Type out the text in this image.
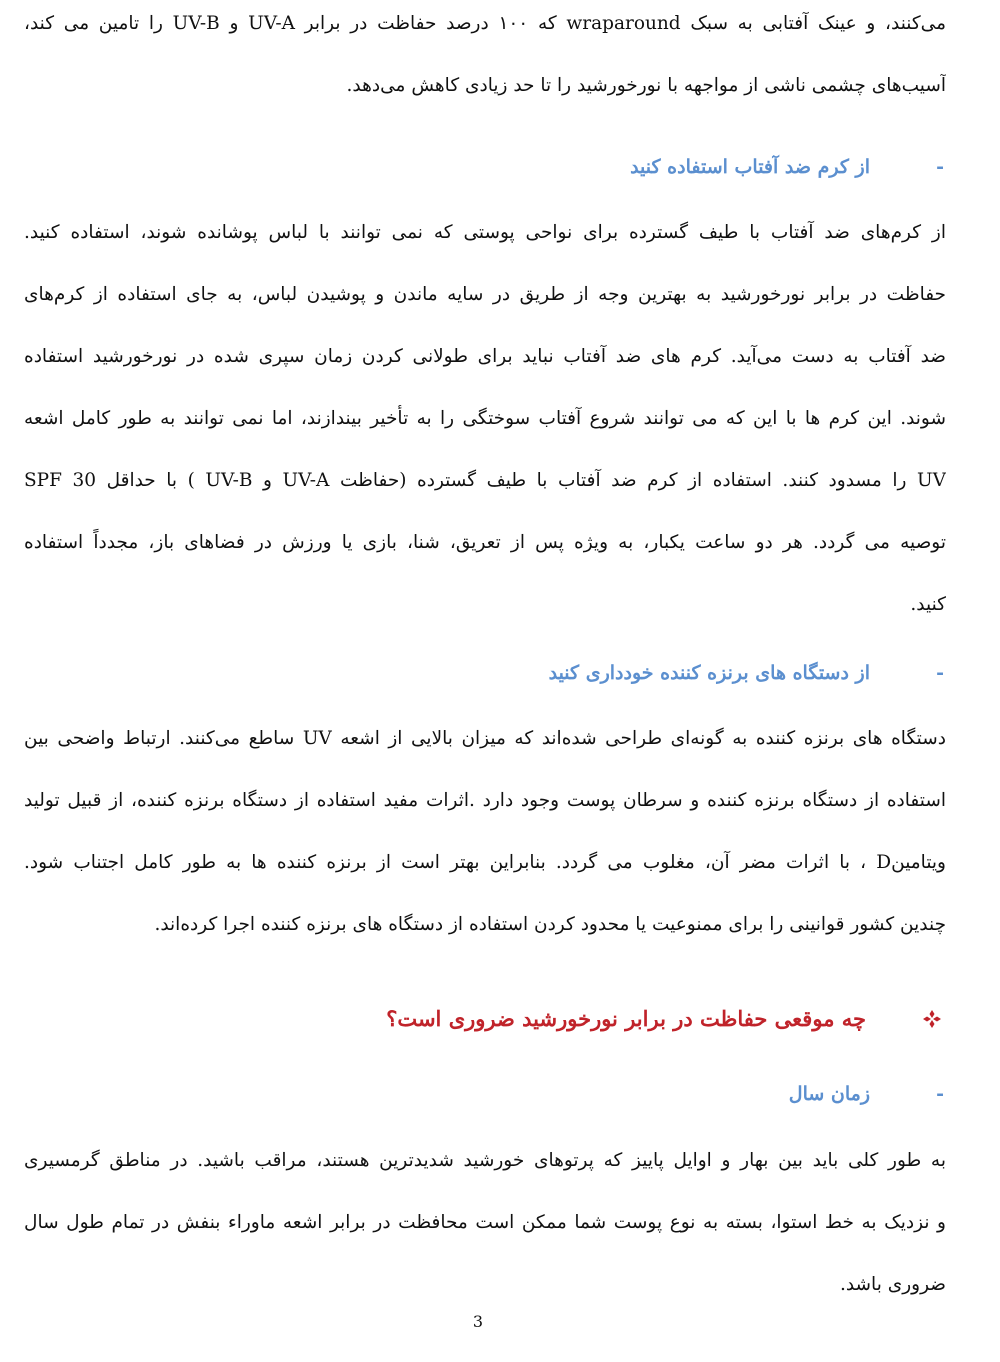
می‌کنند، و عینک آفتابی به سبک wraparound که ۱۰۰ درصد حفاظت در برابر UV-A و UV-B را تامین می کند،
آسیب‌های چشمی ناشی از مواجهه با نورخورشید را تا حد زیادی کاهش می‌دهد.
-
از کرم ضد آفتاب استفاده کنید
از کرم‌های ضد آفتاب با طیف گسترده برای نواحی پوستی که نمی توانند با لباس پوشانده شوند، استفاده کنید.
حفاظت در برابر نورخورشید به بهترین وجه از طریق در سایه ماندن و پوشیدن لباس، به جای استفاده از کرم‌های
ضد آفتاب به دست می‌آید. کرم های ضد آفتاب نباید برای طولانی کردن زمان سپری شده در نورخورشید استفاده
شوند. این کرم ها با این که می توانند شروع آفتاب سوختگی را به تأخیر بیندازند، اما نمی توانند به طور کامل اشعه
UV را مسدود کنند. استفاده از کرم ضد آفتاب با طیف گسترده (حفاظت UV-A و UV-B ) با حداقل SPF 30
توصیه می گردد. هر دو ساعت یکبار، به ویژه پس از تعریق، شنا، بازی یا ورزش در فضاهای باز، مجدداً استفاده
کنید.
-
از دستگاه های برنزه کننده خودداری کنید
دستگاه های برنزه کننده به گونه‌ای طراحی شده‌اند که میزان بالایی از اشعه UV ساطع می‌کنند. ارتباط واضحی بین
استفاده از دستگاه برنزه کننده و سرطان پوست وجود دارد .اثرات مفید استفاده از دستگاه برنزه کننده، از قبیل تولید
ویتامینD ، با اثرات مضر آن، مغلوب می گردد. بنابراین بهتر است از برنزه کننده ها به طور کامل اجتناب شود.
چندین کشور قوانینی را برای ممنوعیت یا محدود کردن استفاده از دستگاه های برنزه کننده اجرا کرده‌اند.
چه موقعی حفاظت در برابر نورخورشید ضروری است؟
-
زمان سال
به طور کلی باید بین بهار و اوایل پاییز که پرتوهای خورشید شدیدترین هستند، مراقب باشید. در مناطق گرمسیری
و نزدیک به خط استوا، بسته به نوع پوست شما ممکن است محافظت در برابر اشعه ماوراء بنفش در تمام طول سال
ضروری باشد.
3
